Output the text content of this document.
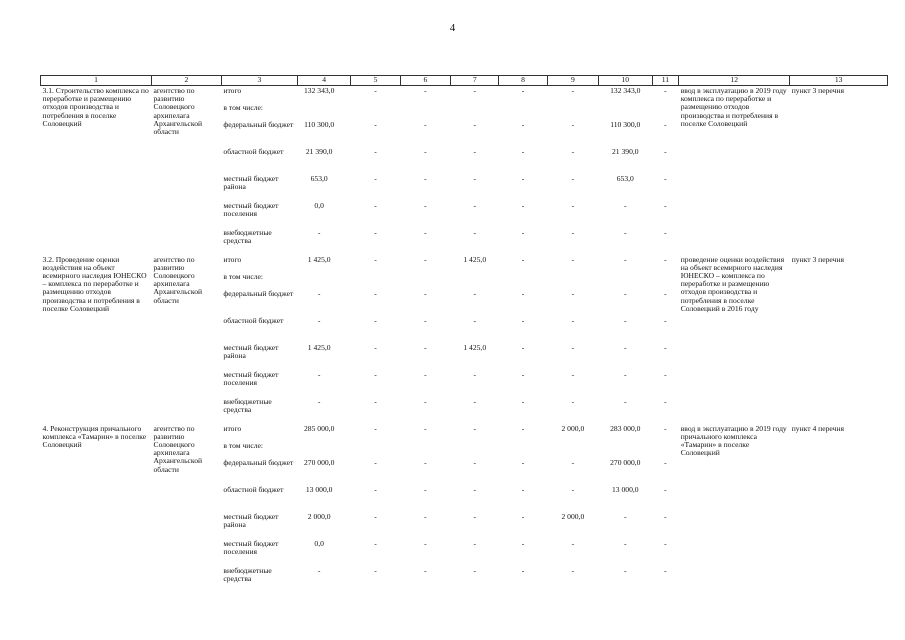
4
1	2	3	4	5	6	7	8	9	10	11	12	13
3.1. Строительство комплекса по переработке и размещению отходов производства и потребления в поселке Соловецкий	агентство по развитию Соловецкого архипелага Архангельской области	итого	132 343,0	-	-	-	-	-	132 343,0	-	ввод в эксплуатацию в 2019 году комплекса по переработке и размещению отходов производства и потребления в поселке Соловецкий	пункт 3 перечня
		в том числе:										
		федеральный бюджет	110 300,0	-	-	-	-	-	110 300,0	-		
		областной бюджет	21 390,0	-	-	-	-	-	21 390,0	-		
		местный бюджет района	653,0	-	-	-	-	-	653,0	-		
		местный бюджет поселения	0,0	-	-	-	-	-	-	-		
		внебюджетные средства	-	-	-	-	-	-	-	-		
3.2. Проведение оценки воздействия на объект всемирного наследия ЮНЕСКО – комплекса по переработке и размещению отходов производства и потребления в поселке Соловецкий	агентство по развитию Соловецкого архипелага Архангельской области	итого	1 425,0	-	-	1 425,0	-	-	-	-	проведение оценки воздействия на объект всемирного наследия ЮНЕСКО – комплекса по переработке и размещению отходов производства и потребления в поселке Соловецкий в 2016 году	пункт 3 перечня
		в том числе:										
		федеральный бюджет	-	-	-	-	-	-	-	-		
		областной бюджет	-	-	-	-	-	-	-	-		
		местный бюджет района	1 425,0	-	-	1 425,0	-	-	-	-		
		местный бюджет поселения	-	-	-	-	-	-	-	-		
		внебюджетные средства	-	-	-	-	-	-	-	-		
4. Реконструкция причального комплекса «Тамарин» в поселке Соловецкий	агентство по развитию Соловецкого архипелага Архангельской области	итого	285 000,0	-	-	-	-	2 000,0	283 000,0	-	ввод в эксплуатацию в 2019 году причального комплекса «Тамарин» в поселке Соловецкий	пункт 4 перечня
		в том числе:										
		федеральный бюджет	270 000,0	-	-	-	-	-	270 000,0	-		
		областной бюджет	13 000,0	-	-	-	-	-	13 000,0	-		
		местный бюджет района	2 000,0	-	-	-	-	2 000,0	-	-		
		местный бюджет поселения	0,0	-	-	-	-	-	-	-		
		внебюджетные средства	-	-	-	-	-	-	-	-		
